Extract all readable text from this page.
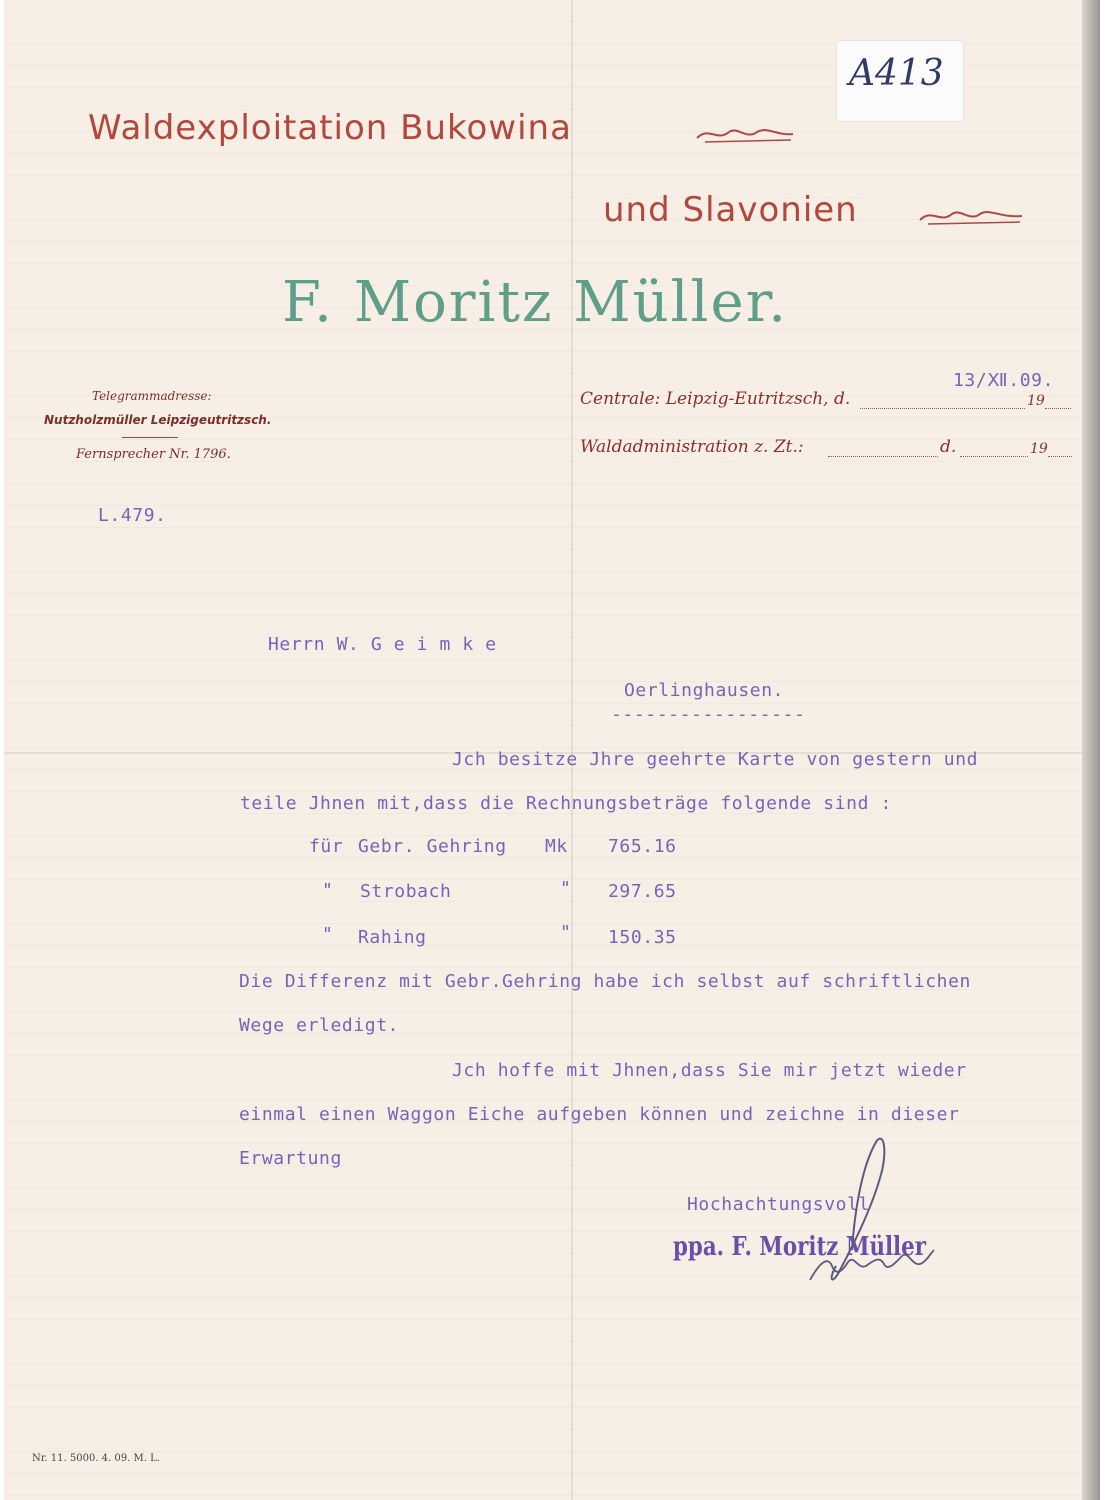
A413
Waldexploitation Bukowina
und Slavonien
F. Moritz Müller.
Telegrammadresse:
Nutzholzmüller Leipzigeutritzsch.
Fernsprecher Nr. 1796.
Centrale: Leipzig-Eutritzsch, d.	19
Waldadministration z. Zt.:	d.	19
13/Ⅻ.09.
L.479.
Herrn W. G e i m k e
Oerlinghausen.
-----------------
Jch besitze Jhre geehrte Karte von gestern und
teile Jhnen mit,dass die Rechnungsbeträge folgende sind :
für Gebr. Gehring Mk 765.16
" Strobach	" 297.65
" Rahing	" 150.35
Die Differenz mit Gebr.Gehring habe ich selbst auf schriftlichen
Wege erledigt.
Jch hoffe mit Jhnen,dass Sie mir jetzt wieder
einmal einen Waggon Eiche aufgeben können und zeichne in dieser
Erwartung
Hochachtungsvoll
ppa. F. Moritz Müller
Nr. 11. 5000. 4. 09. M. L.
